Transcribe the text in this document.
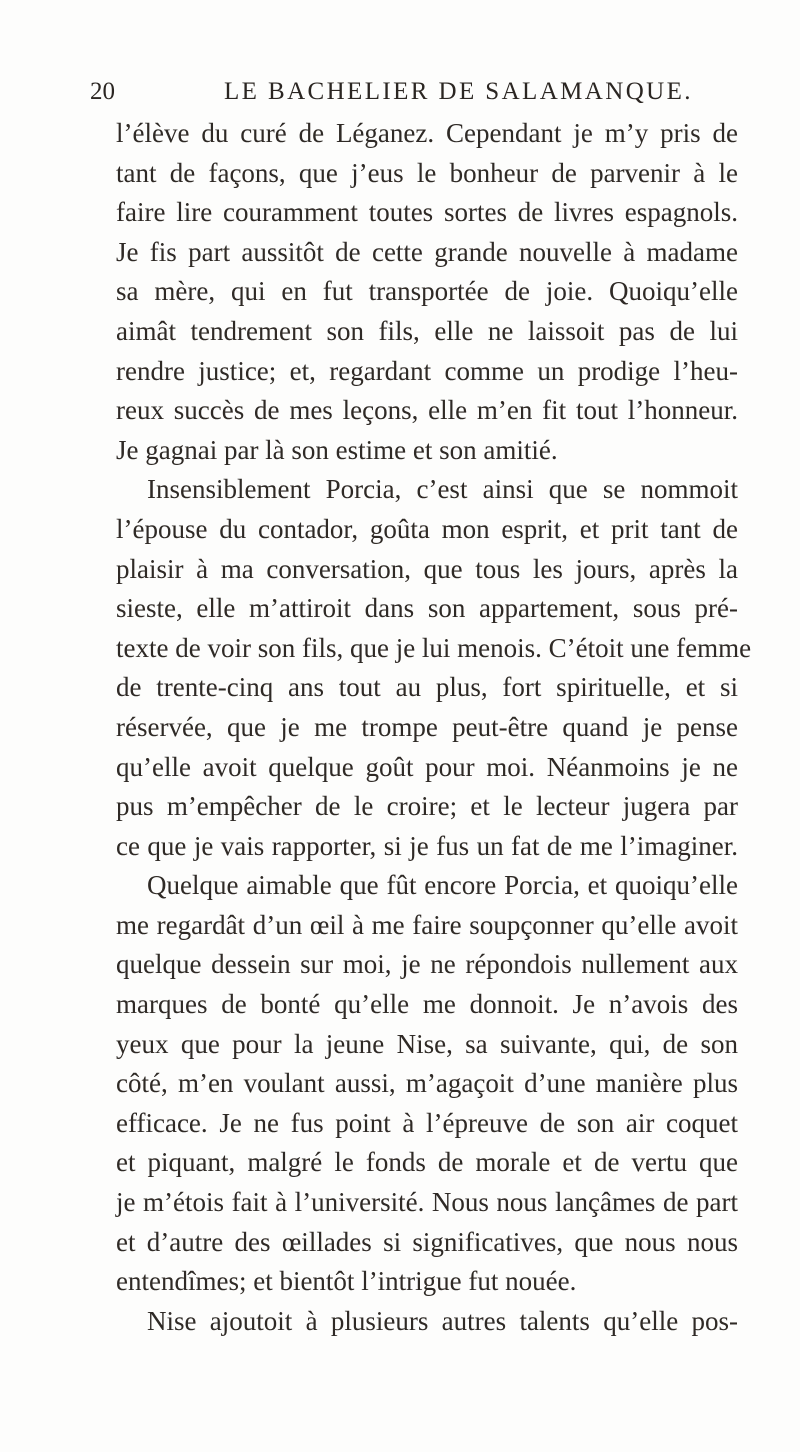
20	LE BACHELIER DE SALAMANQUE.
l’élève du curé de Léganez. Cependant je m’y pris de
tant de façons, que j’eus le bonheur de parvenir à le
faire lire couramment toutes sortes de livres espagnols.
Je fis part aussitôt de cette grande nouvelle à madame
sa mère, qui en fut transportée de joie. Quoiqu’elle
aimât tendrement son fils, elle ne laissoit pas de lui
rendre justice; et, regardant comme un prodige l’heu-
reux succès de mes leçons, elle m’en fit tout l’honneur.
Je gagnai par là son estime et son amitié.
Insensiblement Porcia, c’est ainsi que se nommoit
l’épouse du contador, goûta mon esprit, et prit tant de
plaisir à ma conversation, que tous les jours, après la
sieste, elle m’attiroit dans son appartement, sous pré-
texte de voir son fils, que je lui menois. C’étoit une femme
de trente-cinq ans tout au plus, fort spirituelle, et si
réservée, que je me trompe peut-être quand je pense
qu’elle avoit quelque goût pour moi. Néanmoins je ne
pus m’empêcher de le croire; et le lecteur jugera par
ce que je vais rapporter, si je fus un fat de me l’imaginer.
Quelque aimable que fût encore Porcia, et quoiqu’elle
me regardât d’un œil à me faire soupçonner qu’elle avoit
quelque dessein sur moi, je ne répondois nullement aux
marques de bonté qu’elle me donnoit. Je n’avois des
yeux que pour la jeune Nise, sa suivante, qui, de son
côté, m’en voulant aussi, m’agaçoit d’une manière plus
efficace. Je ne fus point à l’épreuve de son air coquet
et piquant, malgré le fonds de morale et de vertu que
je m’étois fait à l’université. Nous nous lançâmes de part
et d’autre des œillades si significatives, que nous nous
entendîmes; et bientôt l’intrigue fut nouée.
Nise ajoutoit à plusieurs autres talents qu’elle pos-
